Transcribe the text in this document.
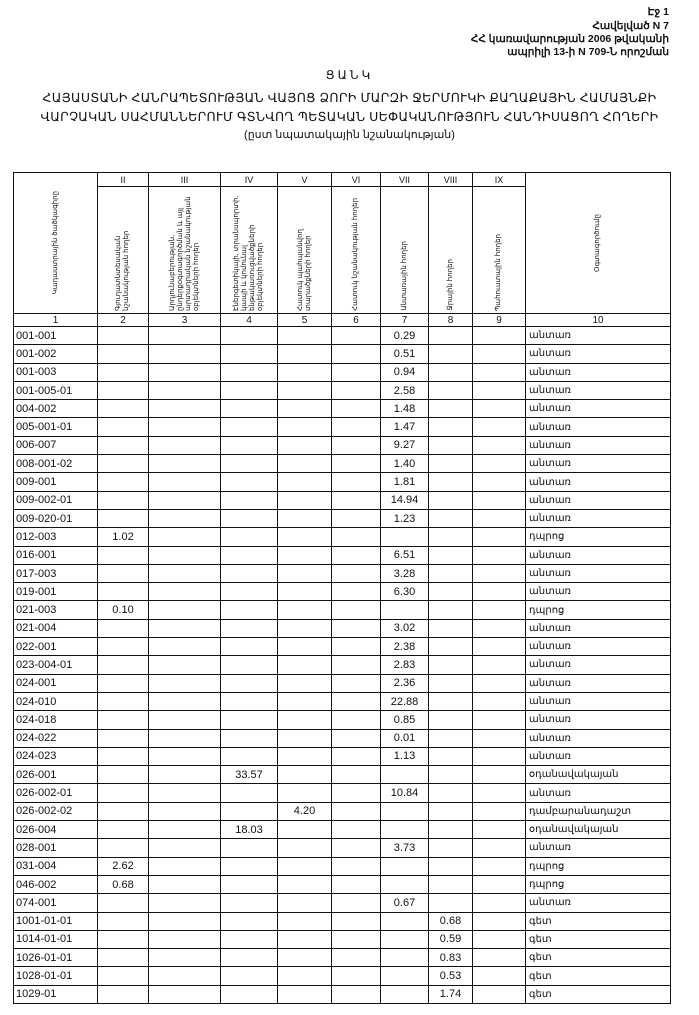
Էջ 1
Հավելված N 7
ՀՀ կառավարության 2006 թվականի
ապրիլի 13-ի N 709-Ն որոշման
ՑԱՆԿ
ՀԱՅԱՍՏԱՆԻ ՀԱՆՐԱՊԵՏՈՒԹՅԱՆ ՎԱՅՈՑ ՁՈՐԻ ՄԱՐԶԻ ՋԵՐՄՈՒԿԻ ՔԱՂԱՔԱՅԻՆ ՀԱՄԱՅՆՔԻ
ՎԱՐՉԱԿԱՆ ՍԱՀՄԱՆՆԵՐՈՒՄ ԳՏՆՎՈՂ ՊԵՏԱԿԱՆ ՍԵՓԱԿԱՆՈՒԹՅՈՒՆ ՀԱՆԴԻՍԱՑՈՂ ՀՈՂԵՐԻ
(ըստ նպատակային նշանակության)
Կադաստրային ծածկագիրը	II	III	IV	V	VI	VII	VIII	IX	Օգտագործումը

	Գյուղատնտեսական նշանակության հողեր	Արդյունաբերության, ընդերքօգտագործման և այլ արտադրական նշանակության օբյեկտների հողեր	Էներգետիկայի, տրանսպորտի, կապի և կոմունալ ենթակառուցվածքների օբյեկտների հողեր	Հատուկ պահպանվող տարածքների հողեր	Հատուկ նշանակության հողեր	Անտառային հողեր	Ջրային հողեր	Պահուստային հողեր	

1	2	3	4	5	6	7	8	9	10
001-001						0.29			անտառ
001-002						0.51			անտառ
001-003						0.94			անտառ
001-005-01						2.58			անտառ
004-002						1.48			անտառ
005-001-01						1.47			անտառ
006-007						9.27			անտառ
008-001-02						1.40			անտառ
009-001						1.81			անտառ
009-002-01						14.94			անտառ
009-020-01						1.23			անտառ
012-003	1.02								դպրոց
016-001						6.51			անտառ
017-003						3.28			անտառ
019-001						6.30			անտառ
021-003	0.10								դպրոց
021-004						3.02			անտառ
022-001						2.38			անտառ
023-004-01						2.83			անտառ
024-001						2.36			անտառ
024-010						22.88			անտառ
024-018						0.85			անտառ
024-022						0.01			անտառ
024-023						1.13			անտառ
026-001			33.57						օդանավակայան
026-002-01						10.84			անտառ
026-002-02				4.20					դամբարանադաշտ
026-004			18.03						օդանավակայան
028-001						3.73			անտառ
031-004	2.62								դպրոց
046-002	0.68								դպրոց
074-001						0.67			անտառ
1001-01-01							0.68		գետ
1014-01-01							0.59		գետ
1026-01-01							0.83		գետ
1028-01-01							0.53		գետ
1029-01							1.74		գետ
